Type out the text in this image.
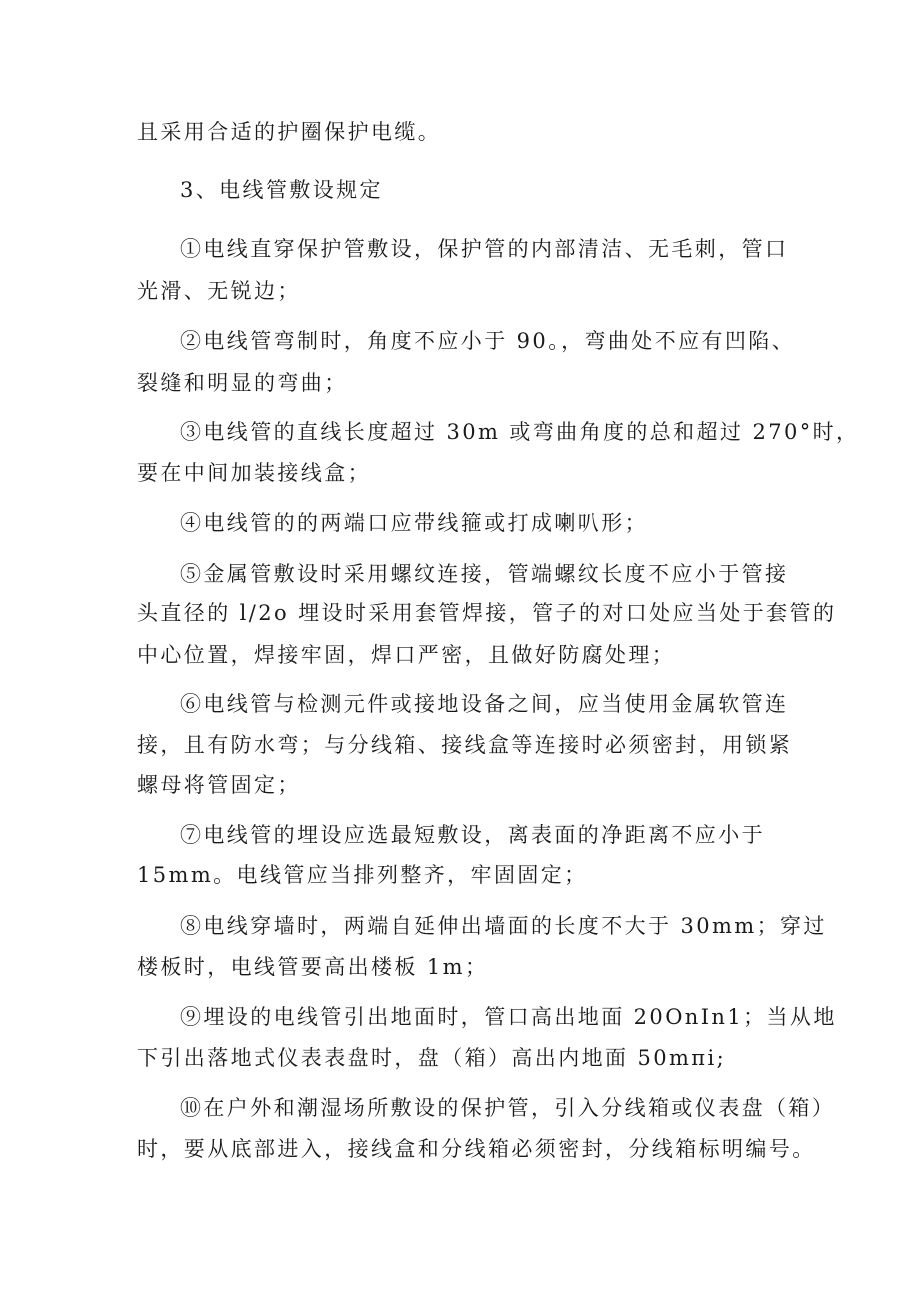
且采用合适的护圈保护电缆。
3、电线管敷设规定
①电线直穿保护管敷设，保护管的内部清洁、无毛刺，管口
光滑、无锐边；
②电线管弯制时，角度不应小于 90。，弯曲处不应有凹陷、
裂缝和明显的弯曲；
③电线管的直线长度超过 30m 或弯曲角度的总和超过 270°时，
要在中间加装接线盒；
④电线管的的两端口应带线箍或打成喇叭形；
⑤金属管敷设时采用螺纹连接，管端螺纹长度不应小于管接
头直径的 l/2o 埋设时采用套管焊接，管子的对口处应当处于套管的
中心位置，焊接牢固，焊口严密，且做好防腐处理；
⑥电线管与检测元件或接地设备之间，应当使用金属软管连
接，且有防水弯；与分线箱、接线盒等连接时必须密封，用锁紧
螺母将管固定；
⑦电线管的埋设应选最短敷设，离表面的净距离不应小于
15mm。电线管应当排列整齐，牢固固定；
⑧电线穿墙时，两端自延伸出墙面的长度不大于 30mm；穿过
楼板时，电线管要高出楼板 1m；
⑨埋设的电线管引出地面时，管口高出地面 20OnIn1；当从地
下引出落地式仪表表盘时，盘（箱）高出内地面 50mπi;
⑩在户外和潮湿场所敷设的保护管，引入分线箱或仪表盘（箱）
时，要从底部进入，接线盒和分线箱必须密封，分线箱标明编号。
